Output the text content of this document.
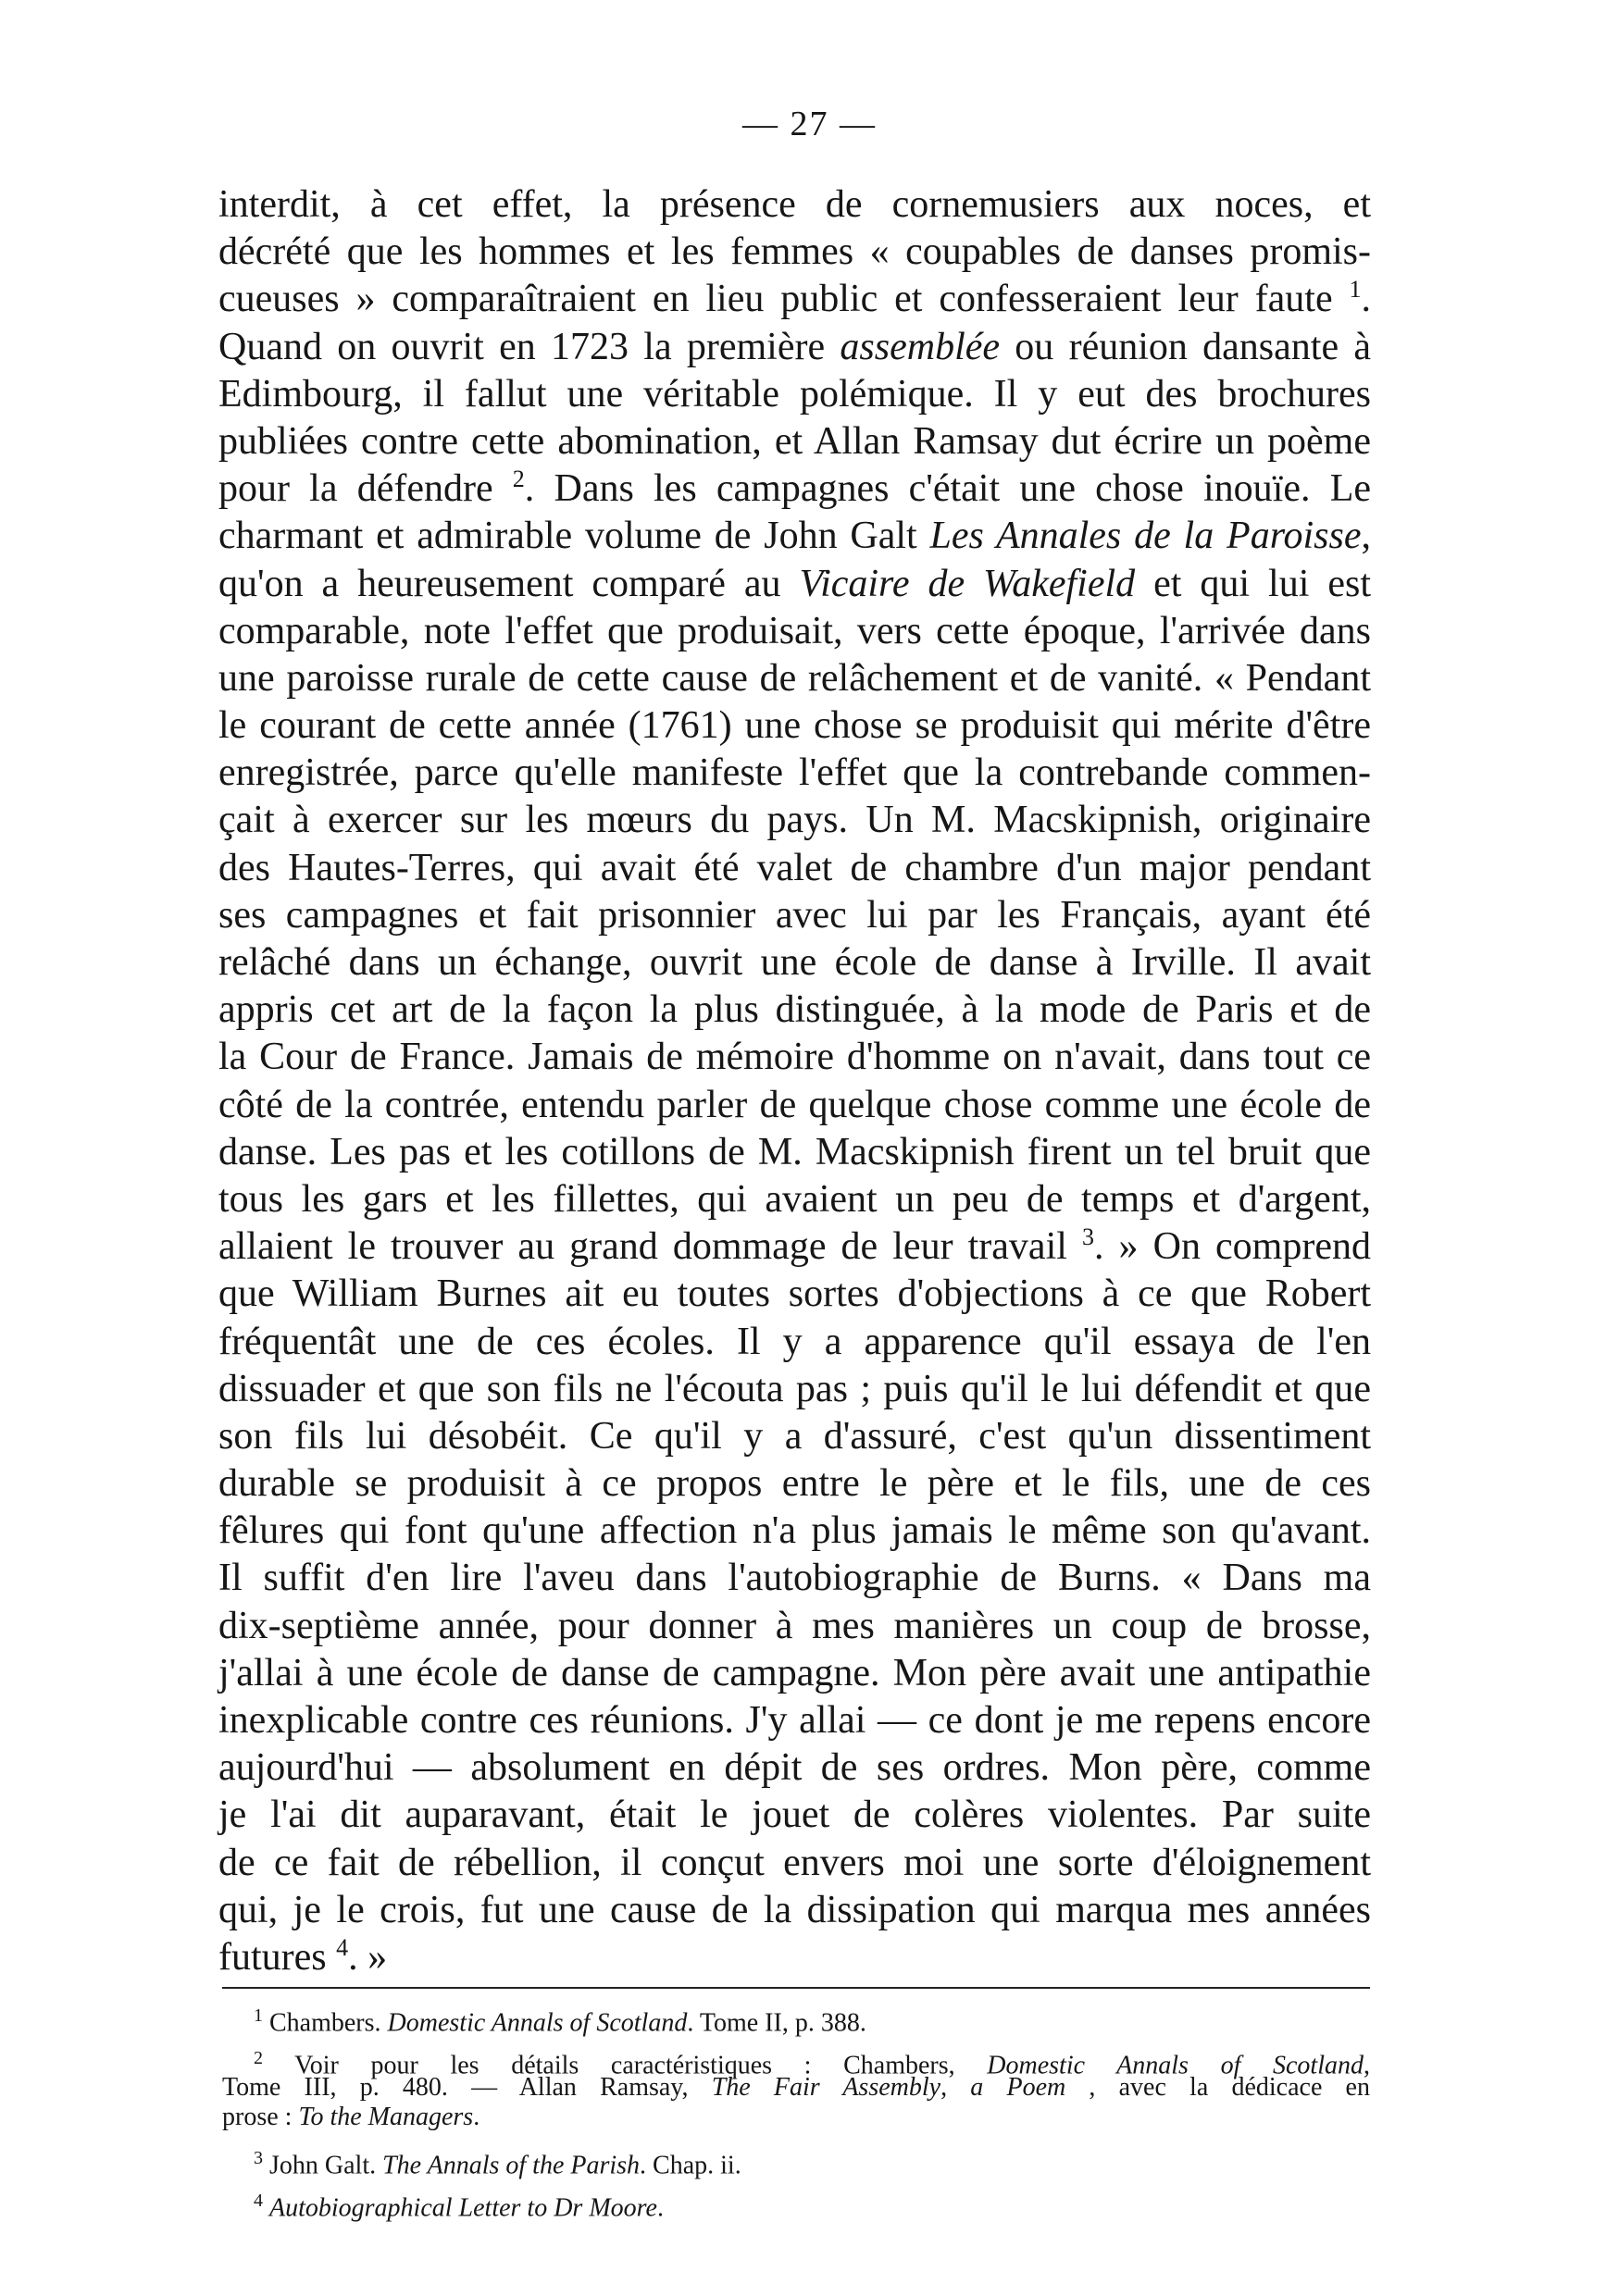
— 27 —
interdit, à cet effet, la présence de cornemusiers aux noces, et
décrété que les hommes et les femmes « coupables de danses promis-
cueuses » comparaîtraient en lieu public et confesseraient leur faute $^1$.
Quand on ouvrit en 1723 la première assemblée ou réunion dansante à
Edimbourg, il fallut une véritable polémique. Il y eut des brochures
publiées contre cette abomination, et Allan Ramsay dut écrire un poème
pour la défendre $^2$. Dans les campagnes c'était une chose inouïe. Le
charmant et admirable volume de John Galt Les Annales de la Paroisse,
qu'on a heureusement comparé au Vicaire de Wakefield et qui lui est
comparable, note l'effet que produisait, vers cette époque, l'arrivée dans
une paroisse rurale de cette cause de relâchement et de vanité. « Pendant
le courant de cette année (1761) une chose se produisit qui mérite d'être
enregistrée, parce qu'elle manifeste l'effet que la contrebande commen-
çait à exercer sur les mœurs du pays. Un M. Macskipnish, originaire
des Hautes-Terres, qui avait été valet de chambre d'un major pendant
ses campagnes et fait prisonnier avec lui par les Français, ayant été
relâché dans un échange, ouvrit une école de danse à Irville. Il avait
appris cet art de la façon la plus distinguée, à la mode de Paris et de
la Cour de France. Jamais de mémoire d'homme on n'avait, dans tout ce
côté de la contrée, entendu parler de quelque chose comme une école de
danse. Les pas et les cotillons de M. Macskipnish firent un tel bruit que
tous les gars et les fillettes, qui avaient un peu de temps et d'argent,
allaient le trouver au grand dommage de leur travail $^3$. » On comprend
que William Burnes ait eu toutes sortes d'objections à ce que Robert
fréquentât une de ces écoles. Il y a apparence qu'il essaya de l'en
dissuader et que son fils ne l'écouta pas ; puis qu'il le lui défendit et que
son fils lui désobéit. Ce qu'il y a d'assuré, c'est qu'un dissentiment
durable se produisit à ce propos entre le père et le fils, une de ces
fêlures qui font qu'une affection n'a plus jamais le même son qu'avant.
Il suffit d'en lire l'aveu dans l'autobiographie de Burns. « Dans ma
dix-septième année, pour donner à mes manières un coup de brosse,
j'allai à une école de danse de campagne. Mon père avait une antipathie
inexplicable contre ces réunions. J'y allai — ce dont je me repens encore
aujourd'hui — absolument en dépit de ses ordres. Mon père, comme
je l'ai dit auparavant, était le jouet de colères violentes. Par suite
de ce fait de rébellion, il conçut envers moi une sorte d'éloignement
qui, je le crois, fut une cause de la dissipation qui marqua mes années
futures $^4$. »
$^1$ Chambers. Domestic Annals of Scotland. Tome II, p. 388.
$^2$ Voir pour les détails caractéristiques : Chambers, Domestic Annals of Scotland,
Tome III, p. 480. — Allan Ramsay, The Fair Assembly, a Poem , avec la dédicace en
prose : To the Managers.
$^3$ John Galt. The Annals of the Parish. Chap. ii.
$^4$ Autobiographical Letter to Dr Moore.
